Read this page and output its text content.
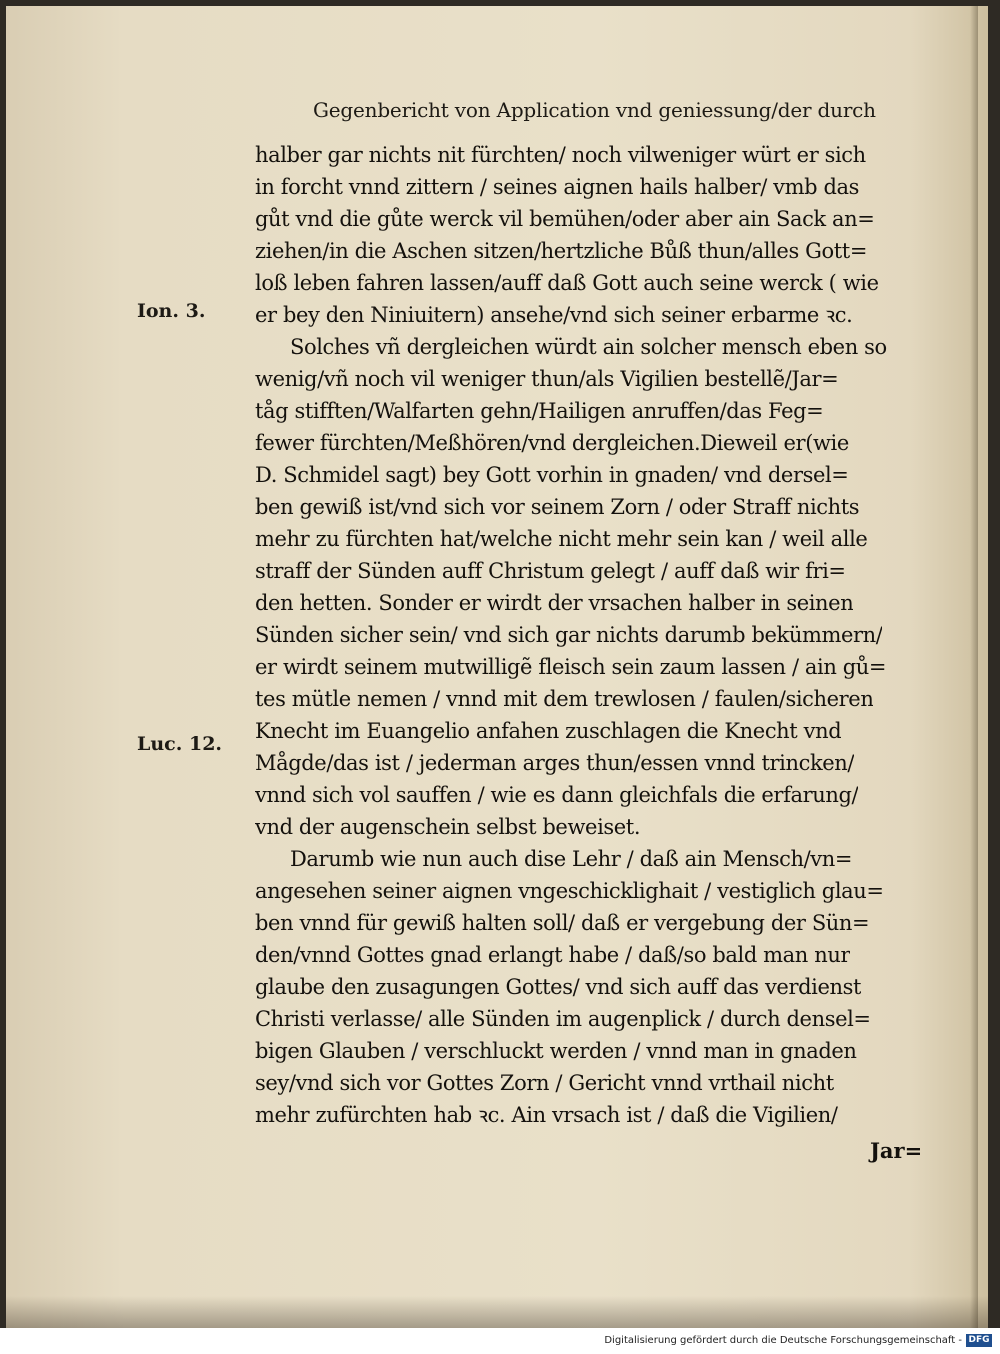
Gegenbericht von Application vnd geniessung/der durch
Ion. 3.
Luc. 12.
halber gar nichts nit fürchten/ noch vilweniger würt er sich
in forcht vnnd zittern / seines aignen hails halber/ vmb das
gůt vnd die gůte werck vil bemühen/oder aber ain Sack an=
ziehen/in die Aschen sitzen/hertzliche Bůß thun/alles Gott=
loß leben fahren lassen/auff daß Gott auch seine werck ( wie
er bey den Niniuitern) ansehe/vnd sich seiner erbarme ꝛc.
Solches vñ dergleichen würdt ain solcher mensch eben so
wenig/vñ noch vil weniger thun/als Vigilien bestellẽ/Jar=
tåg stifften/Walfarten gehn/Hailigen anruffen/das Feg=
fewer fürchten/Meßhören/vnd dergleichen.Dieweil er(wie
D. Schmidel sagt) bey Gott vorhin in gnaden/ vnd dersel=
ben gewiß ist/vnd sich vor seinem Zorn / oder Straff nichts
mehr zu fürchten hat/welche nicht mehr sein kan / weil alle
straff der Sünden auff Christum gelegt / auff daß wir fri=
den hetten. Sonder er wirdt der vrsachen halber in seinen
Sünden sicher sein/ vnd sich gar nichts darumb bekümmern/
er wirdt seinem mutwilligẽ fleisch sein zaum lassen / ain gů=
tes mütle nemen / vnnd mit dem trewlosen / faulen/sicheren
Knecht im Euangelio anfahen zuschlagen die Knecht vnd
Mågde/das ist / jederman arges thun/essen vnnd trincken/
vnnd sich vol sauffen / wie es dann gleichfals die erfarung/
vnd der augenschein selbst beweiset.
Darumb wie nun auch dise Lehr / daß ain Mensch/vn=
angesehen seiner aignen vngeschicklighait / vestiglich glau=
ben vnnd für gewiß halten soll/ daß er vergebung der Sün=
den/vnnd Gottes gnad erlangt habe / daß/so bald man nur
glaube den zusagungen Gottes/ vnd sich auff das verdienst
Christi verlasse/ alle Sünden im augenplick / durch densel=
bigen Glauben / verschluckt werden / vnnd man in gnaden
sey/vnd sich vor Gottes Zorn / Gericht vnnd vrthail nicht
mehr zufürchten hab ꝛc. Ain vrsach ist / daß die Vigilien/
Jar=
Digitalisierung gefördert durch die Deutsche Forschungsgemeinschaft - DFG
